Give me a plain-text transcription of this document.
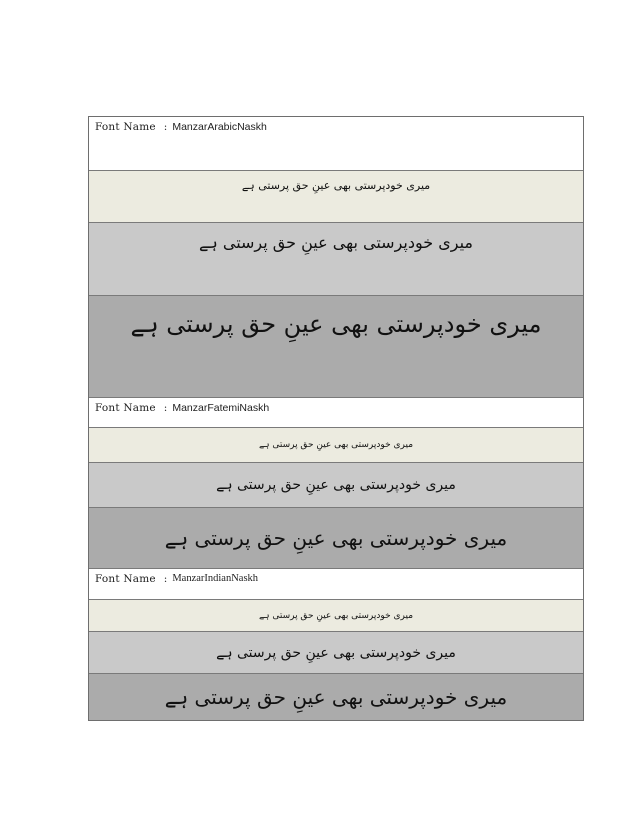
Font Name : ManzarArabicNaskh
میری خودپرستی بھی عینِ حق پرستی ہے
میری خودپرستی بھی عینِ حق پرستی ہے
میری خودپرستی بھی عینِ حق پرستی ہے
Font Name : ManzarFatemiNaskh
میری خودپرستی بھی عینِ حق پرستی ہے
میری خودپرستی بھی عینِ حق پرستی ہے
میری خودپرستی بھی عینِ حق پرستی ہے
Font Name : ManzarIndianNaskh
میری خودپرستی بھی عینِ حق پرستی ہے
میری خودپرستی بھی عینِ حق پرستی ہے
میری خودپرستی بھی عینِ حق پرستی ہے
